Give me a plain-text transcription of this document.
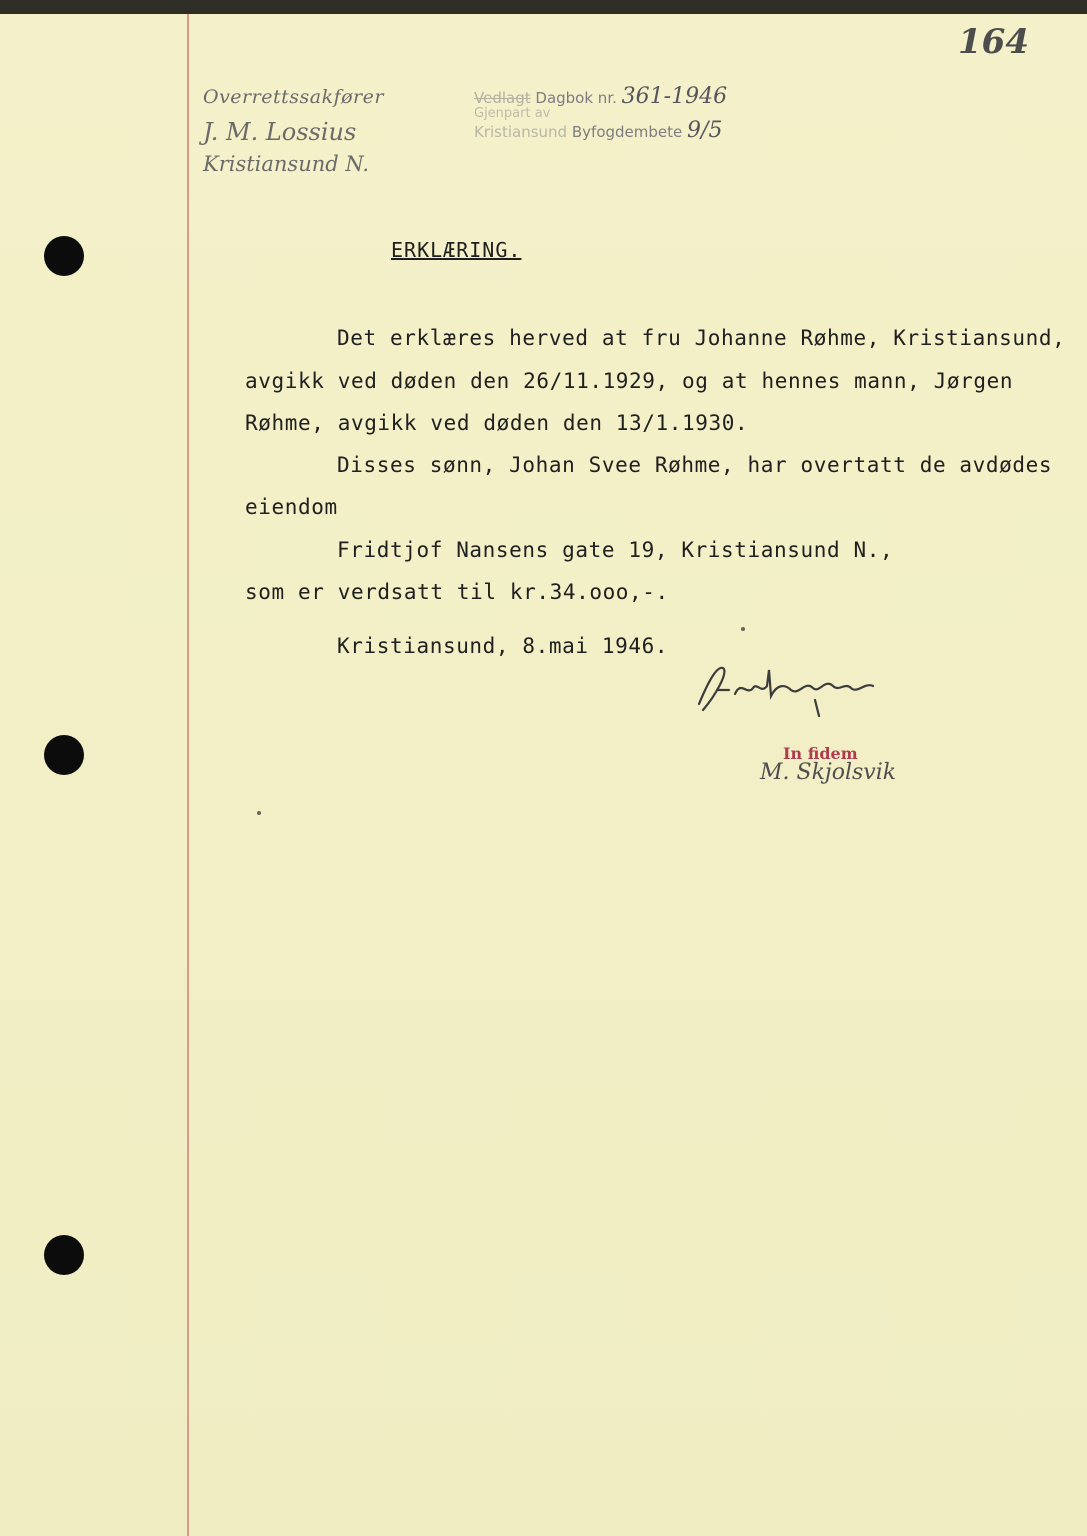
Overrettssakfører
J. M. Lossius
Kristiansund N.
Vedlagt Dagbok nr. 361-1946
Gjenpart av
Kristiansund Byfogdembete 9/5
164
ERKLÆRING.
Det erklæres herved at fru Johanne Røhme, Kristiansund,
avgikk ved døden den 26/11.1929, og at hennes mann, Jørgen
Røhme, avgikk ved døden den 13/1.1930.
Disses sønn, Johan Svee Røhme, har overtatt de avdødes
eiendom
Fridtjof Nansens gate 19, Kristiansund N.,
som er verdsatt til kr.34.ooo,-.
Kristiansund, 8.mai 1946.
In fidem
M. Skjolsvik
